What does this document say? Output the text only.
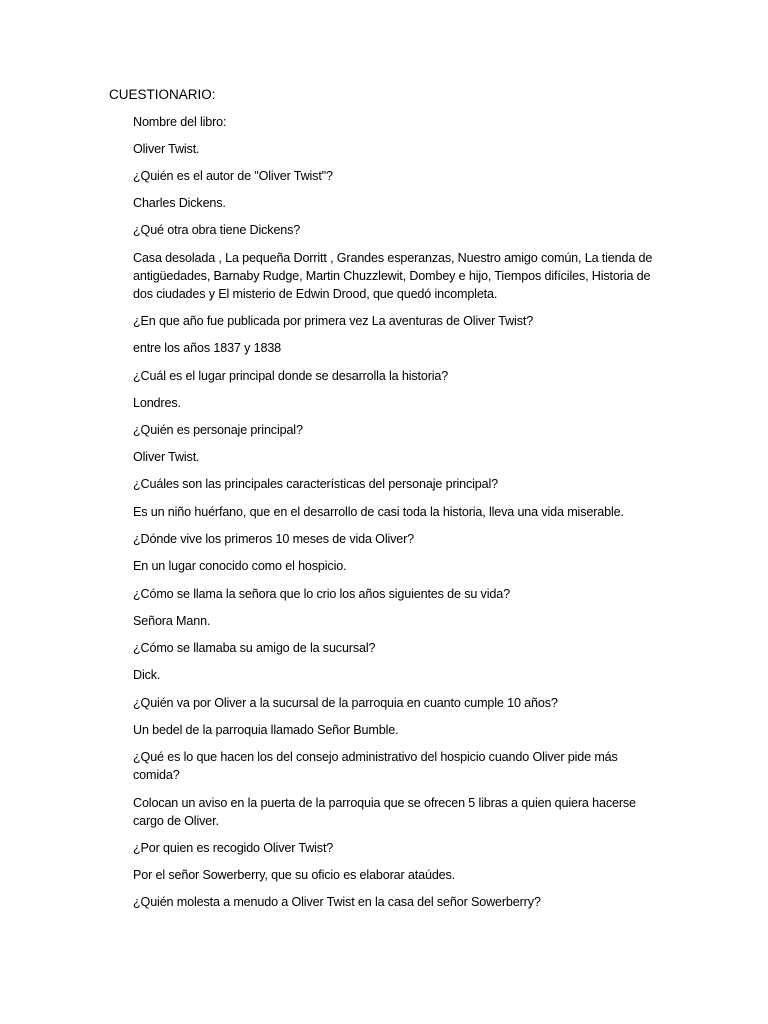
CUESTIONARIO:
Nombre del libro:
Oliver Twist.
¿Quién es el autor de "Oliver Twist"?
Charles Dickens.
¿Qué otra obra tiene Dickens?
Casa desolada , La pequeña Dorritt , Grandes esperanzas, Nuestro amigo común, La tienda de antigüedades, Barnaby Rudge, Martin Chuzzlewit, Dombey e hijo, Tiempos difíciles, Historia de dos ciudades y El misterio de Edwin Drood, que quedó incompleta.
¿En que año fue publicada por primera vez La aventuras de Oliver Twist?
entre los años 1837 y 1838
¿Cuál es el lugar principal donde se desarrolla la historia?
Londres.
¿Quién es personaje principal?
Oliver Twist.
¿Cuáles son las principales características del personaje principal?
Es un niño huérfano, que en el desarrollo de casi toda la historia, lleva una vida miserable.
¿Dónde vive los primeros 10 meses de vida Oliver?
En un lugar conocido como el hospicio.
¿Cómo se llama la señora que lo crio los años siguientes de su vida?
Señora Mann.
¿Cómo se llamaba su amigo de la sucursal?
Dick.
¿Quién va por Oliver a la sucursal de la parroquia en cuanto cumple 10 años?
Un bedel de la parroquia llamado Señor Bumble.
¿Qué es lo que hacen los del consejo administrativo del hospicio cuando Oliver pide más comida?
Colocan un aviso en la puerta de la parroquia que se ofrecen 5 libras a quien quiera hacerse cargo de Oliver.
¿Por quien es recogido Oliver Twist?
Por el señor Sowerberry, que su oficio es elaborar ataúdes.
¿Quién molesta a menudo a Oliver Twist en la casa del señor Sowerberry?
